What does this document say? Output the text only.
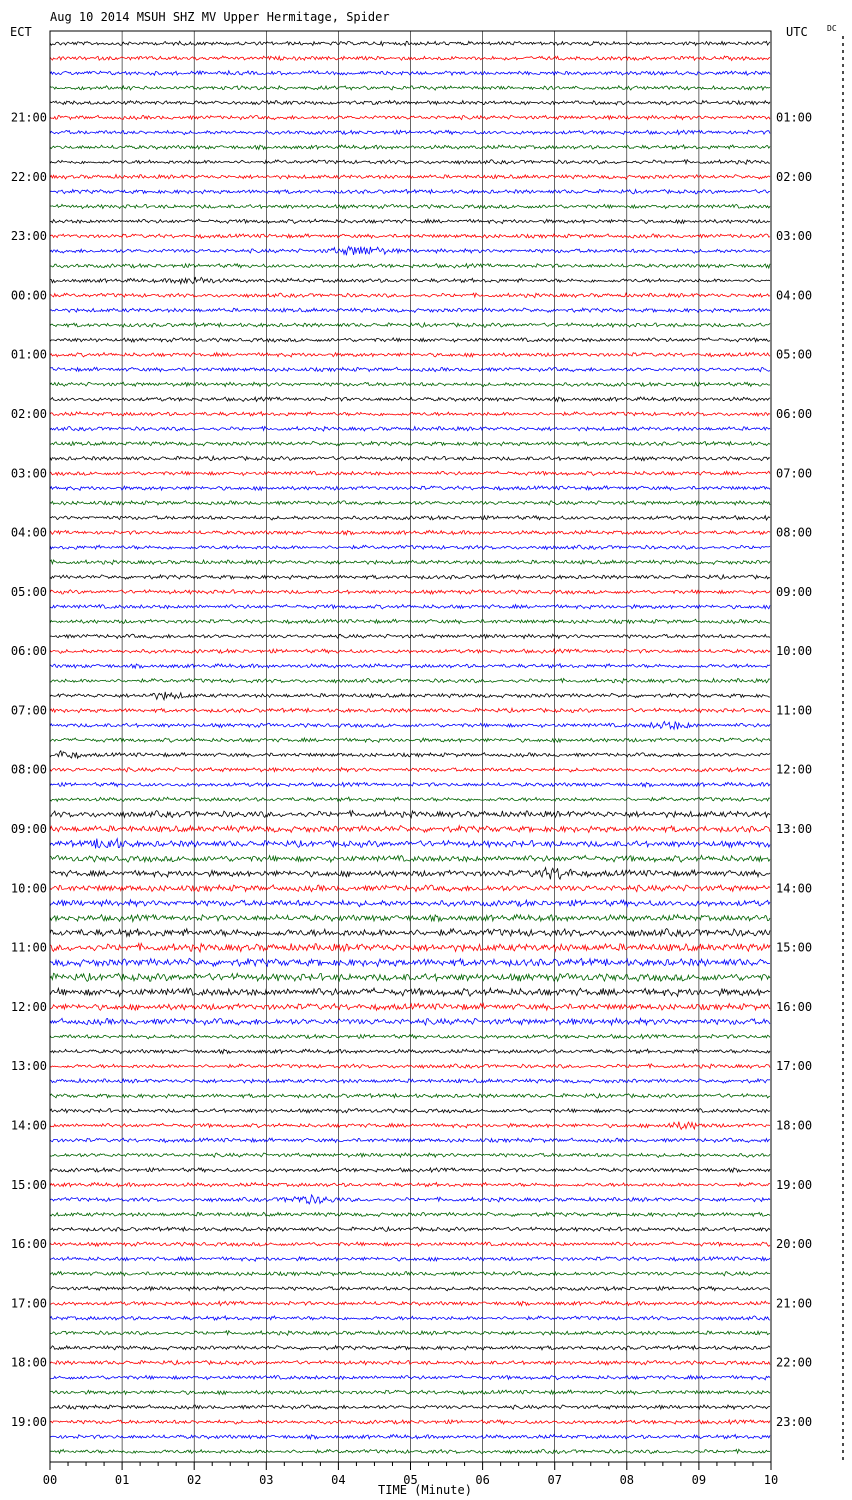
21:00
22:00
23:00
00:00
01:00
02:00
03:00
04:00
05:00
06:00
07:00
08:00
09:00
10:00
11:00
12:00
13:00
14:00
15:00
16:00
17:00
18:00
19:00
01:00
02:00
03:00
04:00
05:00
06:00
07:00
08:00
09:00
10:00
11:00
12:00
13:00
14:00
15:00
16:00
17:00
18:00
19:00
20:00
21:00
22:00
23:00
00	01	02	03	04	05	06	07	08	09	10
Aug 10 2014 MSUH SHZ MV Upper Hermitage, Spider
ECT	UTC DC
TIME (Minute)
